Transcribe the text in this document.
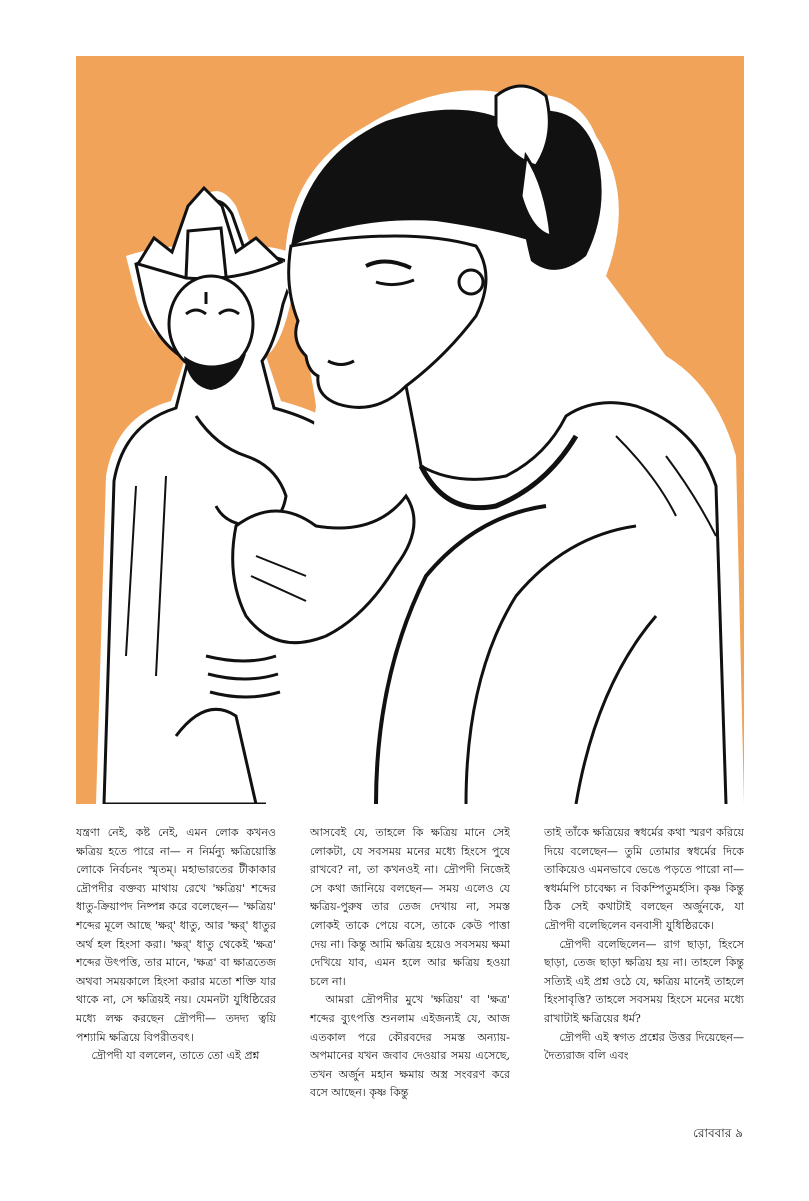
যন্ত্রণা নেই, কষ্ট নেই, এমন লোক কখনও ক্ষত্রিয় হতে পারে না— ন নির্মন্যু ক্ষত্রিয়োস্তি লোকে নির্বচনং স্মৃতম্। মহাভারতের টীকাকার দ্রৌপদীর বক্তব্য মাথায় রেখে 'ক্ষত্রিয়' শব্দের ধাতু-ক্রিয়াপদ নিষ্পন্ন করে বলেছেন— 'ক্ষত্রিয়' শব্দের মূলে আছে 'ক্ষর্' ধাতু, আর 'ক্ষর্' ধাতুর অর্থ হল হিংসা করা। 'ক্ষর্' ধাতু থেকেই 'ক্ষত্র' শব্দের উৎপত্তি, তার মানে, 'ক্ষত্র' বা ক্ষাত্রতেজ অথবা সময়কালে হিংসা করার মতো শক্তি যার থাকে না, সে ক্ষত্রিয়ই নয়। যেমনটা যুধিষ্ঠিরের মধ্যে লক্ষ করছেন দ্রৌপদী— তদদ্য ত্বয়ি পশ্যামি ক্ষত্রিয়ে বিপরীতবৎ।

দ্রৌপদী যা বললেন, তাতে তো এই প্রশ্ন

আসবেই যে, তাহলে কি ক্ষত্রিয় মানে সেই লোকটা, যে সবসময় মনের মধ্যে হিংসে পুষে রাখবে? না, তা কখনওই না। দ্রৌপদী নিজেই সে কথা জানিয়ে বলছেন— সময় এলেও যে ক্ষত্রিয়-পুরুষ তার তেজ দেখায় না, সমস্ত লোকই তাকে পেয়ে বসে, তাকে কেউ পাত্তা দেয় না। কিন্তু আমি ক্ষত্রিয় হয়েও সবসময় ক্ষমা দেখিয়ে যাব, এমন হলে আর ক্ষত্রিয় হওয়া চলে না।

আমরা দ্রৌপদীর মুখে 'ক্ষত্রিয়' বা 'ক্ষত্র' শব্দের ব্যুৎপত্তি শুনলাম এইজন্যই যে, আজ এতকাল পরে কৌরবদের সমস্ত অন্যায়-অপমানের যখন জবাব দেওয়ার সময় এসেছে, তখন অর্জুন মহান ক্ষমায় অস্ত্র সংবরণ করে বসে আছেন। কৃষ্ণ কিন্তু

তাই তাঁকে ক্ষত্রিয়ের স্বধর্মের কথা স্মরণ করিয়ে দিয়ে বলেছেন— তুমি তোমার স্বধর্মের দিকে তাকিয়েও এমনভাবে ভেঙে পড়তে পারো না— স্বধর্মমপি চাবেক্ষ্য ন বিকম্পিতুমর্হসি। কৃষ্ণ কিন্তু ঠিক সেই কথাটাই বলছেন অর্জুনকে, যা দ্রৌপদী বলেছিলেন বনবাসী যুধিষ্ঠিরকে।

দ্রৌপদী বলেছিলেন— রাগ ছাড়া, হিংসে ছাড়া, তেজ ছাড়া ক্ষত্রিয় হয় না। তাহলে কিন্তু সত্যিই এই প্রশ্ন ওঠে যে, ক্ষত্রিয় মানেই তাহলে হিংসাবৃত্তি? তাহলে সবসময় হিংসে মনের মধ্যে রাখাটাই ক্ষত্রিয়ের ধর্ম?

দ্রৌপদী এই স্বগত প্রশ্নের উত্তর দিয়েছেন— দৈত্যরাজ বলি এবং

রোববার ৯
